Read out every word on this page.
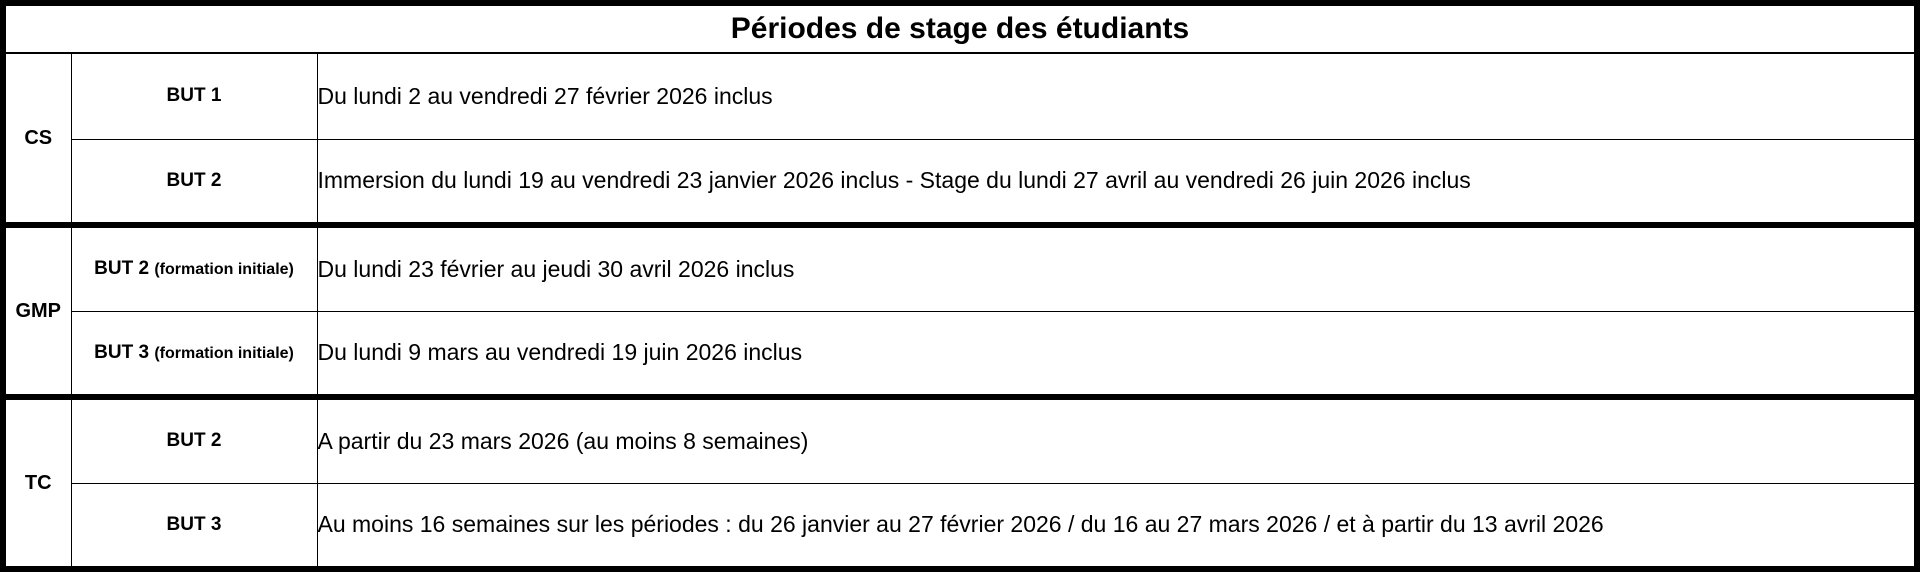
Périodes de stage des étudiants		
CS	BUT 1	Du lundi 2 au vendredi 27 février 2026 inclus
	BUT 2	Immersion du lundi 19 au vendredi 23 janvier 2026 inclus - Stage du lundi 27 avril au vendredi 26 juin 2026 inclus
GMP	BUT 2 (formation initiale)	Du lundi 23 février au jeudi 30 avril 2026 inclus
	BUT 3 (formation initiale)	Du lundi 9 mars au vendredi 19 juin 2026 inclus
TC	BUT 2	A partir du 23 mars 2026 (au moins 8 semaines)
	BUT 3	Au moins 16 semaines sur les périodes : du 26 janvier au 27 février 2026 / du 16 au 27 mars 2026 / et à partir du 13 avril 2026
